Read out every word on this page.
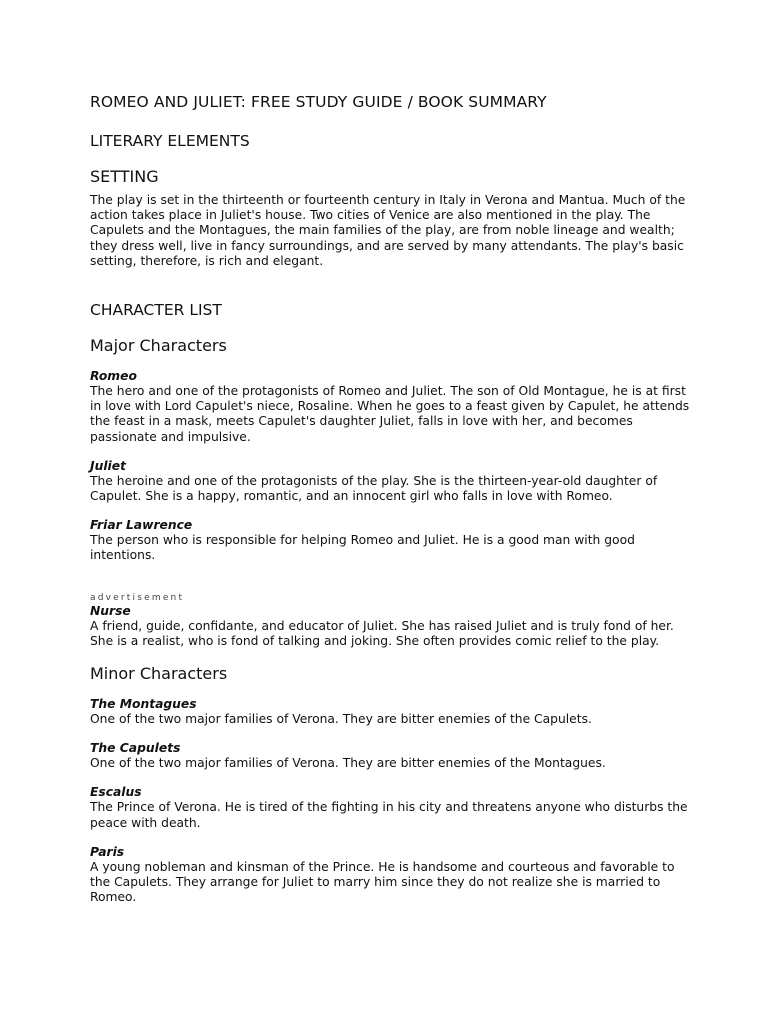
ROMEO AND JULIET: FREE STUDY GUIDE / BOOK SUMMARY
LITERARY ELEMENTS
SETTING

The play is set in the thirteenth or fourteenth century in Italy in Verona and Mantua. Much of the action takes place in Juliet's house. Two cities of Venice are also mentioned in the play. The Capulets and the Montagues, the main families of the play, are from noble lineage and wealth; they dress well, live in fancy surroundings, and are served by many attendants. The play's basic setting, therefore, is rich and elegant.

CHARACTER LIST
Major Characters

Romeo

The hero and one of the protagonists of Romeo and Juliet. The son of Old Montague, he is at first in love with Lord Capulet's niece, Rosaline. When he goes to a feast given by Capulet, he attends the feast in a mask, meets Capulet's daughter Juliet, falls in love with her, and becomes passionate and impulsive.

Juliet

The heroine and one of the protagonists of the play. She is the thirteen-year-old daughter of Capulet. She is a happy, romantic, and an innocent girl who falls in love with Romeo.

Friar Lawrence

The person who is responsible for helping Romeo and Juliet. He is a good man with good intentions.

advertisement

Nurse

A friend, guide, confidante, and educator of Juliet. She has raised Juliet and is truly fond of her. She is a realist, who is fond of talking and joking. She often provides comic relief to the play.

Minor Characters

The Montagues

One of the two major families of Verona. They are bitter enemies of the Capulets.

The Capulets

One of the two major families of Verona. They are bitter enemies of the Montagues.

Escalus

The Prince of Verona. He is tired of the fighting in his city and threatens anyone who disturbs the peace with death.

Paris

A young nobleman and kinsman of the Prince. He is handsome and courteous and favorable to the Capulets. They arrange for Juliet to marry him since they do not realize she is married to Romeo.
